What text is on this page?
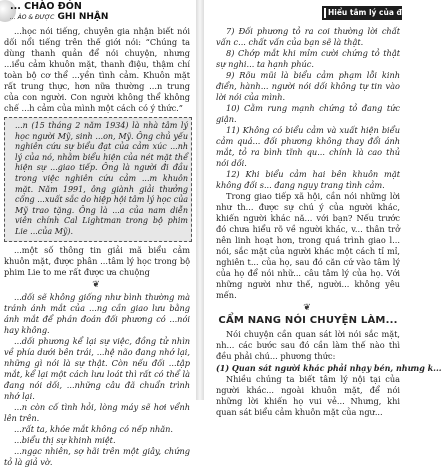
... CHÀO ĐÓN
... ÀO & ĐƯỢC GHI NHẬN

...học nói tiếng, chuyên gia nhận biết nói dối nổi tiếng trên thế giới nói: “Chúng ta dùng thanh quản để nói chuyện, nhưng ...iểu cảm khuôn mặt, thanh điệu, thậm chí toàn bộ cơ thể ...yền tình cảm. Khuôn mặt rất trung thực, hơn nữa thường ...n trung của con người. Con người không thể không chế ...h cảm của mình một cách có ý thức.”

...n (15 tháng 2 năm 1934) là nhà tâm lý học người Mỹ, sinh ...on, Mỹ. Ông chủ yếu nghiên cứu sự biểu đạt của cảm xúc ...nh lý của nó, nhằm biểu hiện của nét mặt thể hiện sự ...giao tiếp. Ông là người đi đầu trong việc nghiên cứu cảm ...m khuôn mặt. Năm 1991, ông giành giải thưởng cống ...xuất sắc do hiệp hội tâm lý học của Mỹ trao tặng. Ông là ...a của nam diễn viên chính Cal Lightman trong bộ phim Lie ...của Mỹ).

...một số thông tin giải mã biểu cảm khuôn mặt, được phân ...tâm lý học trong bộ phim Lie to me rất được ưa chuộng

❦

...dối sẽ không giống như bình thường mà tránh ánh mắt của ...ng cần giao lưu bằng ánh mắt để phán đoán đối phương có ...nói hay không.

...dối phương kể lại sự việc, đồng tử nhìn về phía dưới bên trái, ...hệ não đang nhớ lại, những gì nói là sự thật. Còn nếu đối ...tập mắt, kể lại một cách lưu loát thì rất có thể là đang nói dối, ...những câu đã chuẩn trình nhớ lại.

...n còn cố tình hỏi, lòng máy sẽ hơi vểnh lên trên.

...rất ta, khóe mắt không có nếp nhăn.

...biểu thị sự khinh miệt.

...ngạc nhiên, sợ hãi trên một giây, chứng tỏ là giả vờ.

Hiểu tâm lý của đ...

7) Đối phương tỏ ra coi thường lời chất vấn c... chất vấn của bạn sẽ là thật.

8) Chớp mắt khi mỉm cười chứng tỏ thật sự nghi... ta hạnh phúc.

9) Rõu mũi là biểu cảm phạm lỗi kinh điển, hành... người nói dối không tự tin vào lời nói của mình.

10) Cằm rung mạnh chứng tỏ đang tức giận.

11) Không có biểu cảm và xuất hiện biểu cảm quá... đối phương không thay đổi ánh mắt, tỏ ra bình tĩnh qu... chính là cao thủ nói dối.

12) Khi biểu cảm hai bên khuôn mặt không đối s... đang ngụy trang tình cảm.

Trong giao tiếp xã hội, cần nói những lời như th... được sự chú ý của người khác, khiến người khác nă... với bạn? Nếu trước đó chưa hiểu rõ về người khác, v... thân trở nên linh hoạt hơn, trong quá trình giao l... nói, sắc mặt của người khác một cách tỉ mỉ, nghiên t... của họ, sau đó căn cứ vào tâm lý của họ để nói nhữ... câu tâm lý của họ. Với những người như thế, người... không yêu mến.

❦
CẨM NANG NÓI CHUYỆN LÀM...

Nói chuyện cần quan sát lời nói sắc mặt, nh... các bước sau đó cần làm thế nào thì đều phải chú... phương thức:

(1) Quan sát người khác phải nhạy bén, nhưng k...

Nhiều chúng ta biết tâm lý nội tại của người khác... ngoài khuôn mặt, để nói những lời khiến họ vui vẻ... Nhưng, khi quan sát biểu cảm khuôn mặt của ngư...
